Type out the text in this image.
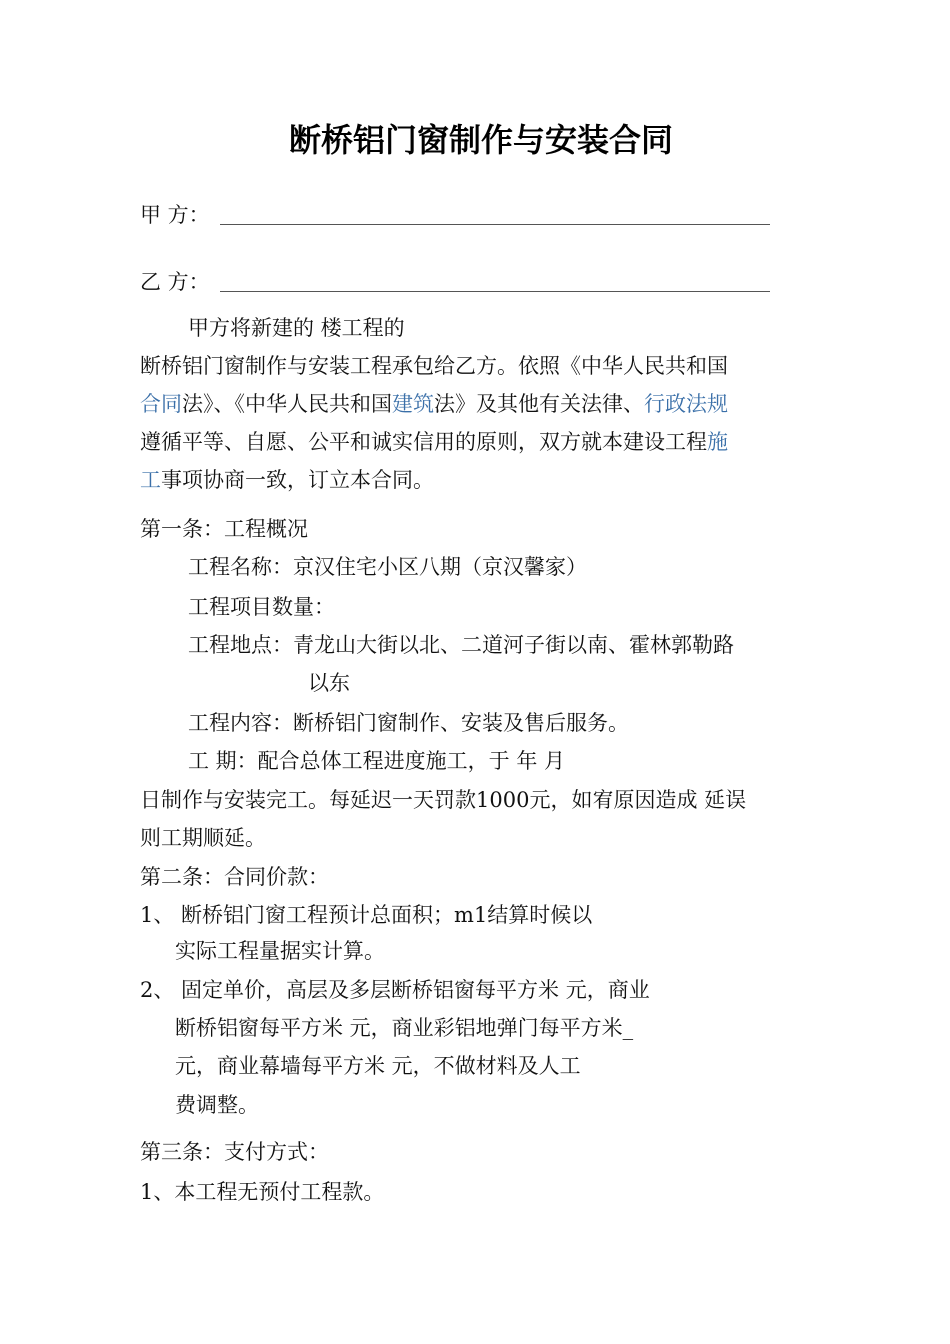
断桥铝门窗制作与安装合同
甲 方：
乙 方：
甲方将新建的 楼工程的
断桥铝门窗制作与安装工程承包给乙方。依照《中华人民共和国
合同法》、《中华人民共和国建筑法》及其他有关法律、行政法规
遵循平等、自愿、公平和诚实信用的原则，双方就本建设工程施
工事项协商一致，订立本合同。
第一条：工程概况
工程名称：京汉住宅小区八期（京汉馨家）
工程项目数量：
工程地点：青龙山大街以北、二道河子街以南、霍林郭勒路
以东
工程内容：断桥铝门窗制作、安装及售后服务。
工 期：配合总体工程进度施工，于 年 月
日制作与安装完工。每延迟一天罚款1000元，如宥原因造成 延误
则工期顺延。
第二条：合同价款：
1、 断桥铝门窗工程预计总面积；m1结算时候以
实际工程量据实计算。
2、 固定单价，高层及多层断桥铝窗每平方米 元，商业
断桥铝窗每平方米 元，商业彩铝地弹门每平方米_
元，商业幕墙每平方米 元，不做材料及人工
费调整。
第三条：支付方式：
1、本工程无预付工程款。
